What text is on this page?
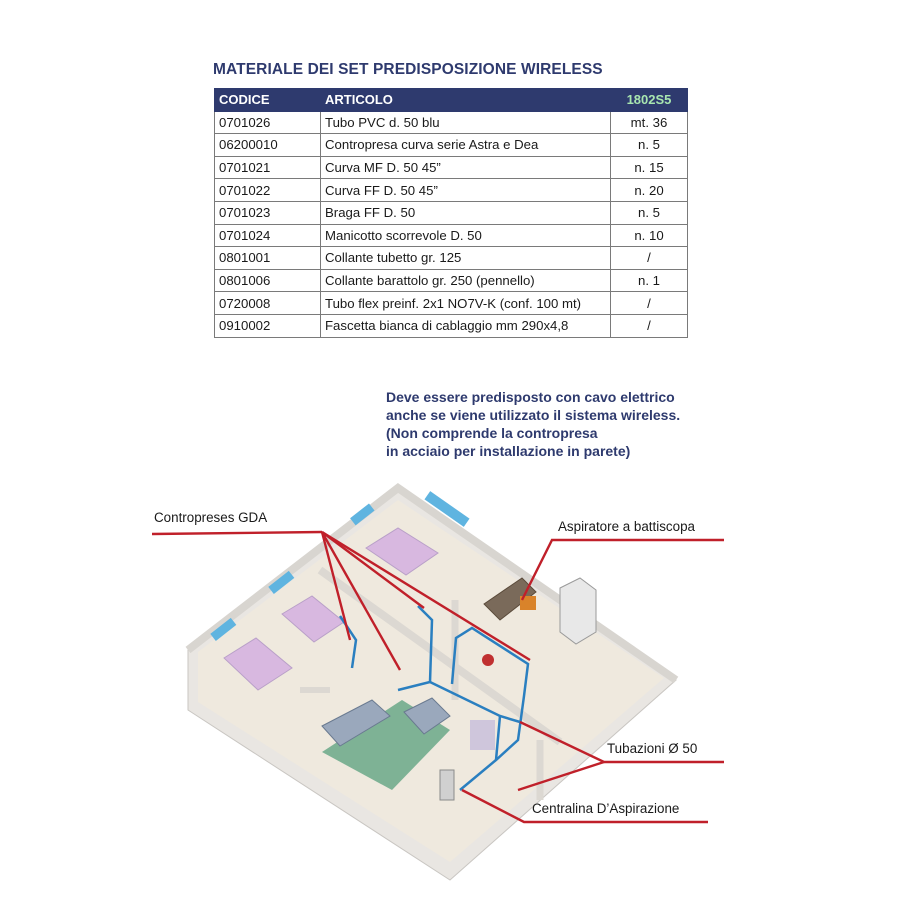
MATERIALE DEI SET PREDISPOSIZIONE WIRELESS
CODICE	ARTICOLO	1802S5
0701026	Tubo PVC d. 50 blu	mt. 36
06200010	Contropresa curva serie Astra e Dea	n. 5
0701021	Curva MF D. 50 45”	n. 15
0701022	Curva FF D. 50 45”	n. 20
0701023	Braga FF D. 50	n. 5
0701024	Manicotto scorrevole D. 50	n. 10
0801001	Collante tubetto gr. 125	/
0801006	Collante barattolo gr. 250 (pennello)	n. 1
0720008	Tubo flex preinf. 2x1 NO7V-K (conf. 100 mt)	/
0910002	Fascetta bianca di cablaggio mm 290x4,8	/
Deve essere predisposto con cavo elettrico
anche se viene utilizzato il sistema wireless.
(Non comprende la contropresa
in acciaio per installazione in parete)
Contropreses GDA
Aspiratore a battiscopa
Tubazioni Ø 50
Centralina D’Aspirazione
